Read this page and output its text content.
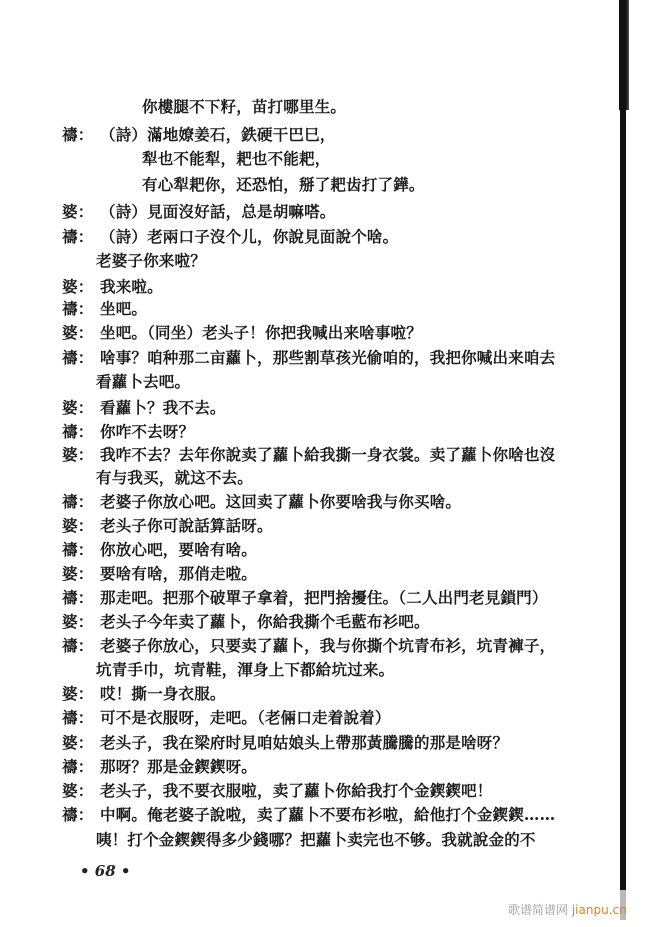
你樓腿不下籽，苗打哪里生。
禱： （詩）滿地嫽姜石，鉄硬干巴巳，
犁也不能犁，耙也不能耙，
有心犁耙你，还恐怕，掰了耙齿打了鏵。
婆： （詩）見面沒好話，总是胡嘛嗒。
禱： （詩）老兩口子沒个儿，你說見面說个啥。
老婆子你来啦？
婆： 我来啦。
禱： 坐吧。
婆： 坐吧。（同坐）老头子！你把我喊出来啥事啦？
禱： 啥事？咱种那二亩蘿卜，那些割草孩光偷咱的，我把你喊出来咱去
看蘿卜去吧。
婆： 看蘿卜？我不去。
禱： 你咋不去呀？
婆： 我咋不去？去年你說卖了蘿卜給我撕一身衣裳。卖了蘿卜你啥也沒
有与我买，就这不去。
禱： 老婆子你放心吧。这回卖了蘿卜你要啥我与你买啥。
婆： 老头子你可說話算話呀。
禱： 你放心吧，要啥有啥。
婆： 要啥有啥，那俏走啦。
禱： 那走吧。把那个破單子拿着，把門捨擾住。（二人出門老見鎖門）
婆： 老头子今年卖了蘿卜，你給我撕个毛藍布衫吧。
禱： 老婆子你放心，只要卖了蘿卜，我与你撕个坑青布衫，坑青褲子，
坑青手巾，坑青鞋，渾身上下都給坑过来。
婆： 哎！撕一身衣服。
禱： 可不是衣服呀，走吧。（老倆口走着說着）
婆： 老头子，我在梁府时見咱姑娘头上帶那黃騰騰的那是啥呀？
禱： 那呀？那是金鍥鍥呀。
婆： 老头子，我不要衣服啦，卖了蘿卜你給我打个金鍥鍥吧！
禱： 中啊。俺老婆子說啦，卖了蘿卜不要布衫啦，給他打个金鍥鍥……
咦！打个金鍥鍥得多少錢哪？把蘿卜卖完也不够。我就說金的不
• 68 •
歌谱简谱网 jianpu.cn
